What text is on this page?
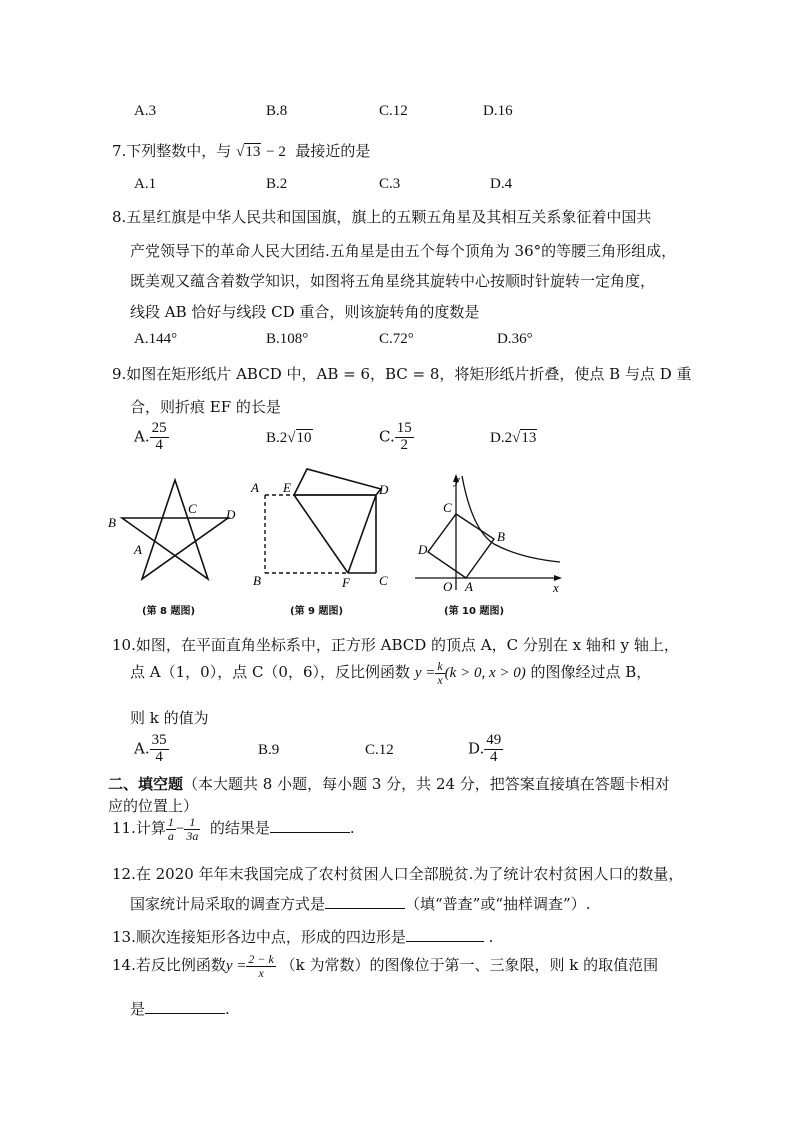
A.3	B.8	C.12	D.16
7.下列整数中，与 √13 − 2 最接近的是
A.1	B.2	C.3	D.4
8.五星红旗是中华人民共和国国旗，旗上的五颗五角星及其相互关系象征着中国共
产党领导下的革命人民大团结.五角星是由五个每个顶角为 36°的等腰三角形组成，
既美观又蕴含着数学知识，如图将五角星绕其旋转中心按顺时针旋转一定角度，
线段 AB 恰好与线段 CD 重合，则该旋转角的度数是
A.144°	B.108°	C.72°	D.36°
9.如图在矩形纸片 ABCD 中，AB = 6，BC = 8，将矩形纸片折叠，使点 B 与点 D 重
合，则折痕 EF 的长是
A. $\frac{25}{4}$	B.2√10	C. $\frac{15}{2}$	D.2√13
B
A
C D
(第 8 题图)
A E	D
B	F C
(第 9 题图)
y
x
O A
B
C
D
(第 10 题图)
10.如图，在平面直角坐标系中，正方形 ABCD 的顶点 A，C 分别在 x 轴和 y 轴上，
点 A（1，0），点 C（0，6），反比例函数 $y = \frac{k}{x} (k > 0$, x > 0) 的图像经过点 B，
则 k 的值为
A. $\frac{35}{4}$	B.9	C.12	D. $\frac{49}{4}$
二、填空题（本大题共 8 小题，每小题 3 分，共 24 分，把答案直接填在答题卡相对
应的位置上）
11.计算 $\frac{1}{a} - \frac{1}{3a}$ 的结果是	.
12.在 2020 年年末我国完成了农村贫困人口全部脱贫.为了统计农村贫困人口的数量，
国家统计局采取的调查方式是	（填“普查”或“抽样调查”）.
13.顺次连接矩形各边中点，形成的四边形是	.
14.若反比例函数$y = \frac{2 - k}{x} (k$ 为常数）的图像位于第一、三象限，则 k 的取值范围
是	.
